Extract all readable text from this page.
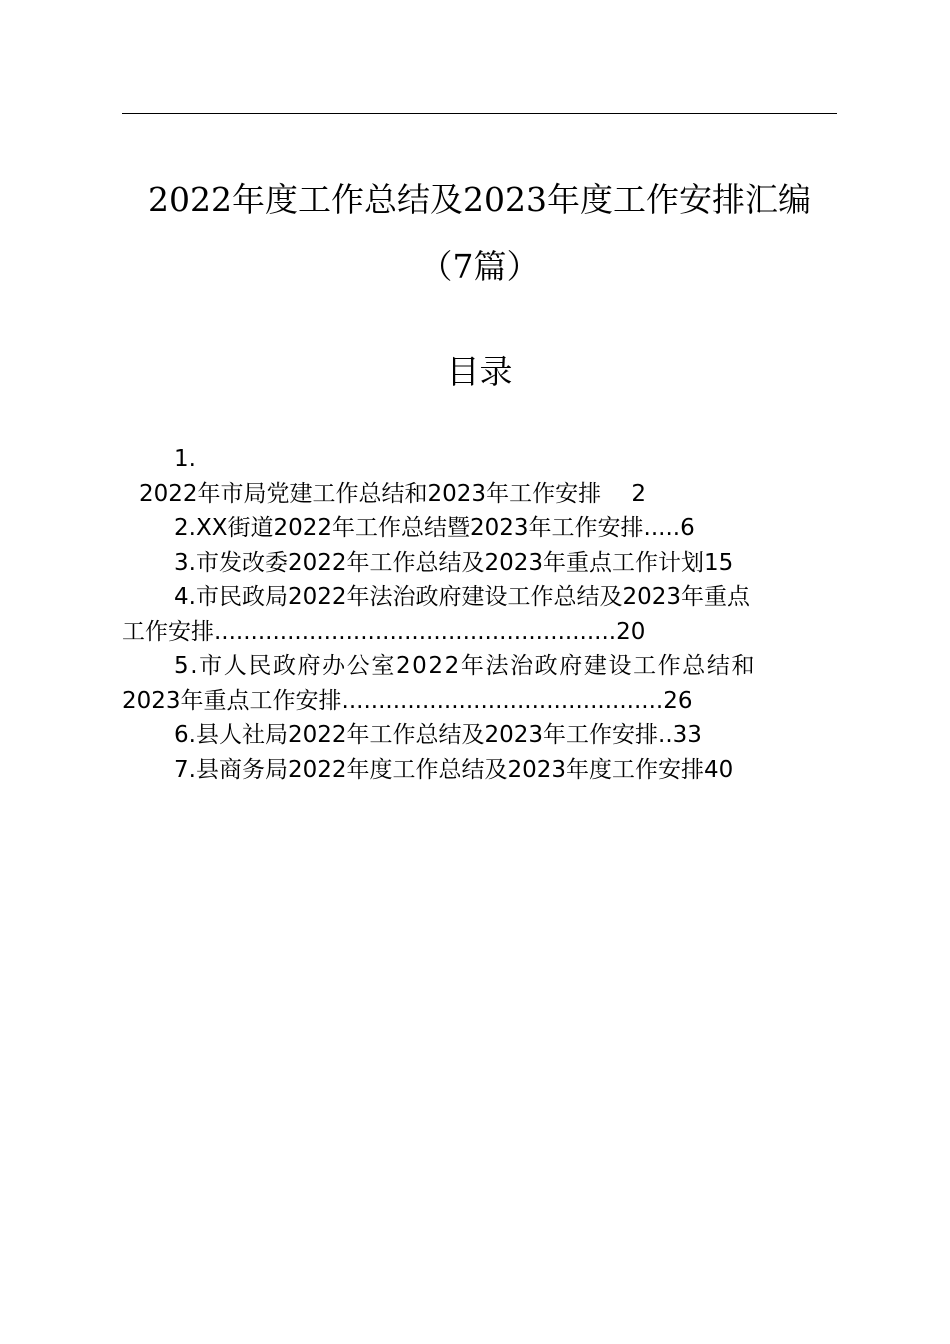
2022年度工作总结及2023年度工作安排汇编
（7篇）
目录
1.
2022年市局党建工作总结和2023年工作安排　 2
2.XX街道2022年工作总结暨2023年工作安排.....6
3.市发改委2022年工作总结及2023年重点工作计划15
4.市民政局2022年法治政府建设工作总结及2023年重点
工作安排.......................................................20
5.市人民政府办公室2022年法治政府建设工作总结和
2023年重点工作安排............................................26
6.县人社局2022年工作总结及2023年工作安排..33
7.县商务局2022年度工作总结及2023年度工作安排40
